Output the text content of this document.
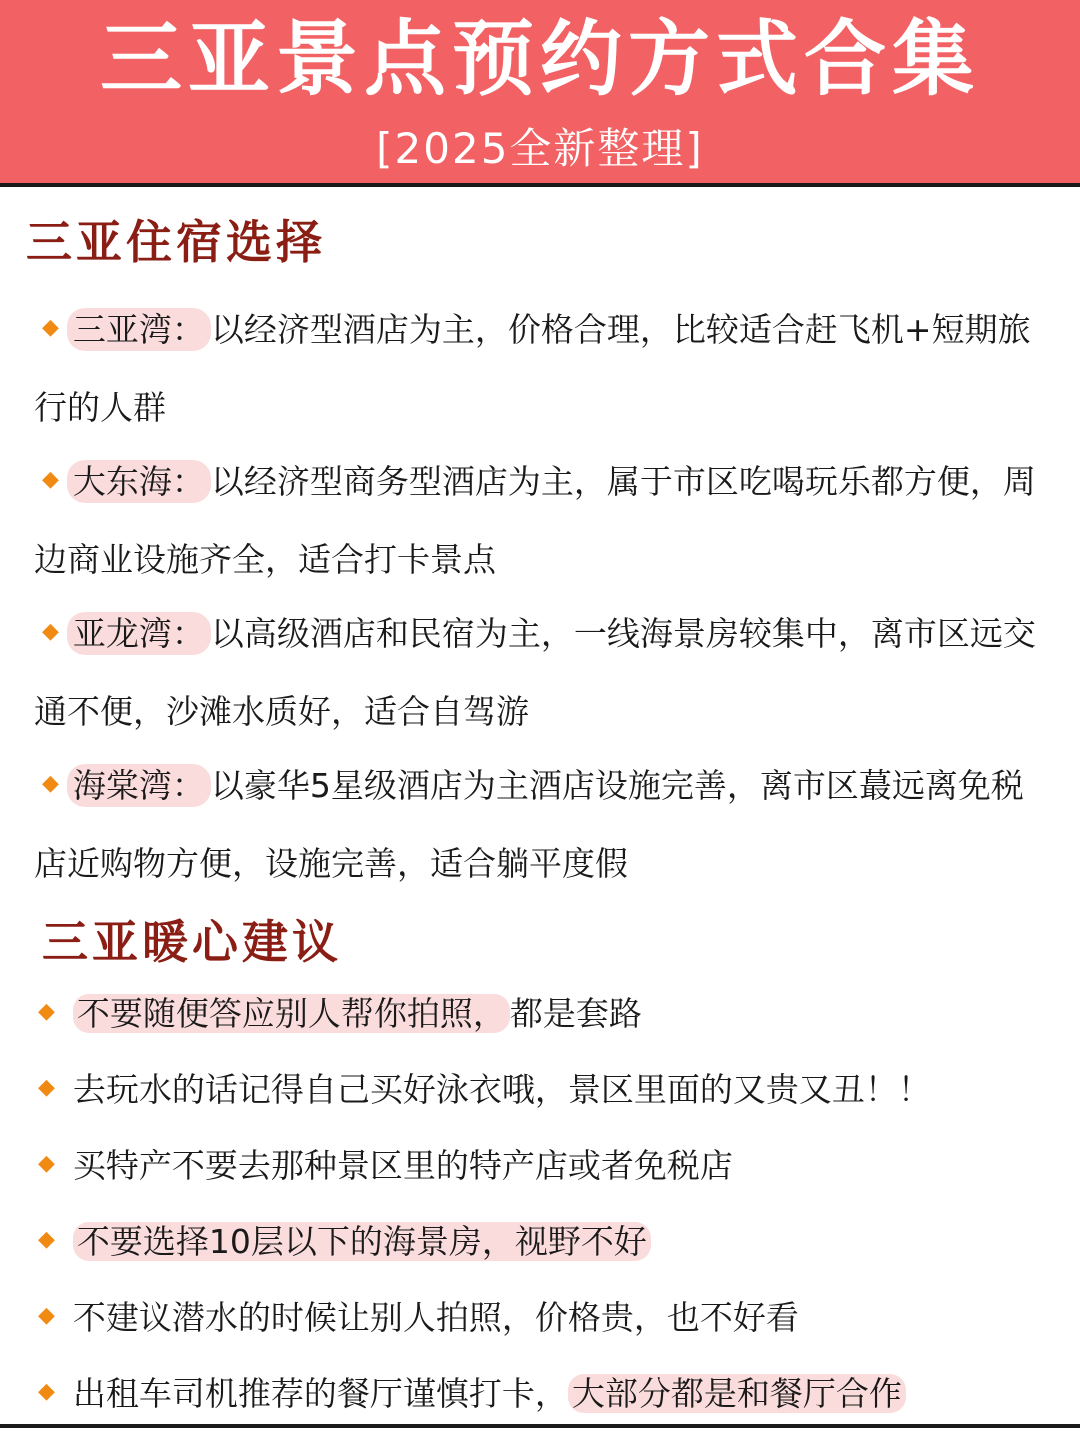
三亚景点预约方式合集
[2025全新整理]
三亚住宿选择
◆ 三亚湾： 以经济型酒店为主，价格合理，比较适合赶飞机+短期旅行的人群
◆ 大东海： 以经济型商务型酒店为主，属于市区吃喝玩乐都方便，周边商业设施齐全，适合打卡景点
◆ 亚龙湾： 以高级酒店和民宿为主，一线海景房较集中，离市区远交通不便，沙滩水质好，适合自驾游
◆ 海棠湾： 以豪华5星级酒店为主酒店设施完善，离市区蕞远离免税店近购物方便，设施完善，适合躺平度假
三亚暖心建议
◆ 不要随便答应别人帮你拍照， 都是套路
◆ 去玩水的话记得自己买好泳衣哦，景区里面的又贵又丑！！
◆ 买特产不要去那种景区里的特产店或者免税店
◆ 不要选择10层以下的海景房，视野不好
◆ 不建议潜水的时候让别人拍照，价格贵，也不好看
◆ 出租车司机推荐的餐厅谨慎打卡， 大部分都是和餐厅合作
